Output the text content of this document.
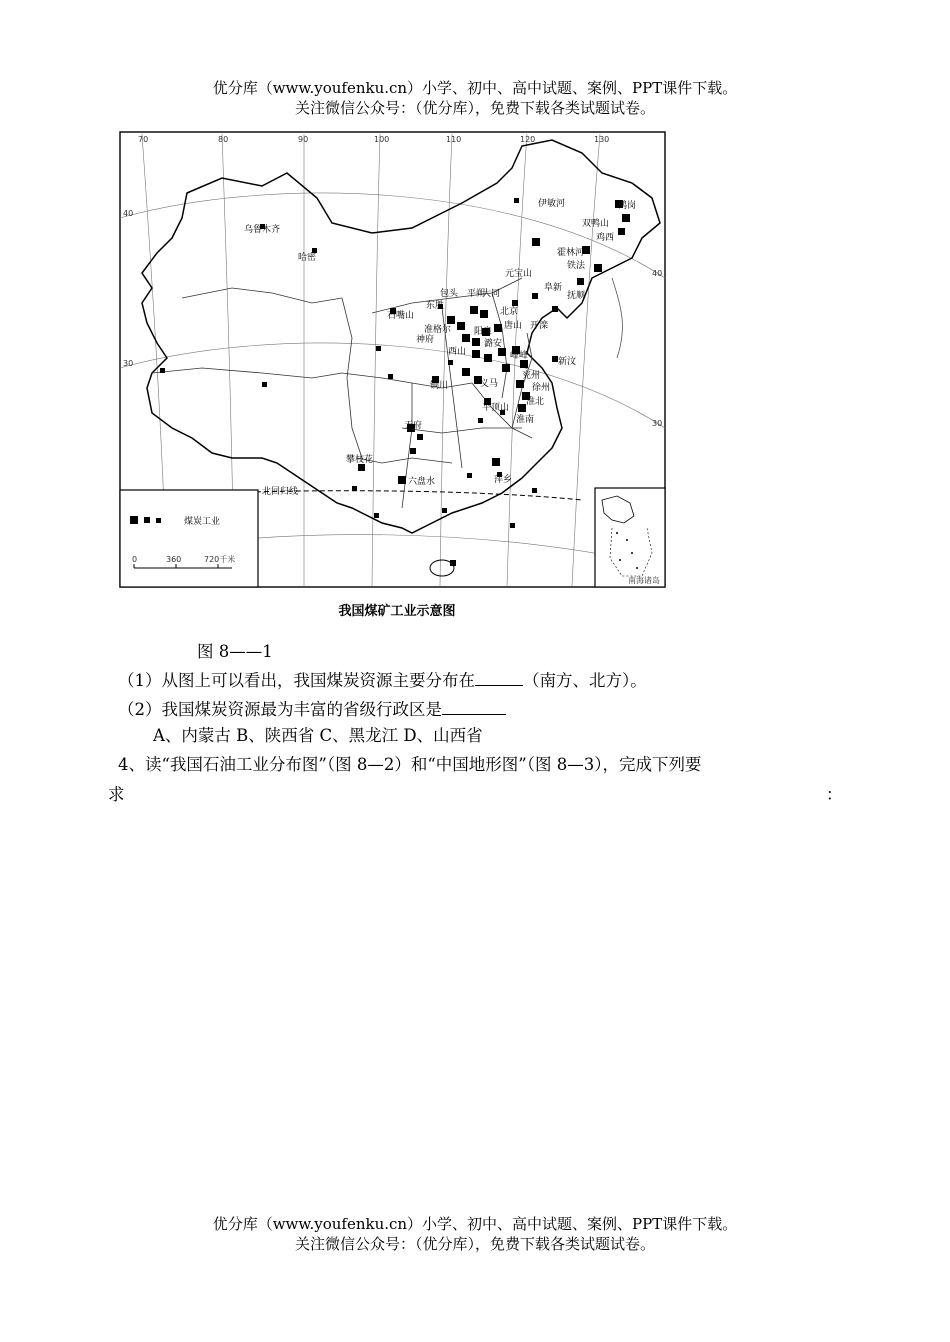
优分库（www.youfenku.cn）小学、初中、高中试题、案例、PPT课件下载。
关注微信公众号：（优分库），免费下载各类试题试卷。
北回归线
乌鲁木齐
哈密
伊敏河	鹤岗
双鸭山
鸡西
霍林河
铁法
元宝山
阜新
抚顺
包头 平朔
大同
东胜
北京
唐山 开滦
石嘴山
神府
阳泉
西山
潞安
峰峰
新汶
兖州
铜川	义马	徐州
平顶山
淮北
淮南
天府
攀枝花
六盘水	萍乡
准格尔
70	80	90	100	110	120	130
40
30
40
30
煤炭工业
0	360	720千米
南海诸岛
我国煤矿工业示意图
图 8——1
（1）从图上可以看出，我国煤炭资源主要分布在	（南方、北方）。
（2）我国煤炭资源最为丰富的省级行政区是
A、内蒙古 B、陕西省 C、黑龙江 D、山西省
4、读“我国石油工业分布图”（图 8—2）和“中国地形图”（图 8—3），完成下列要
求	：
优分库（www.youfenku.cn）小学、初中、高中试题、案例、PPT课件下载。
关注微信公众号：（优分库），免费下载各类试题试卷。
